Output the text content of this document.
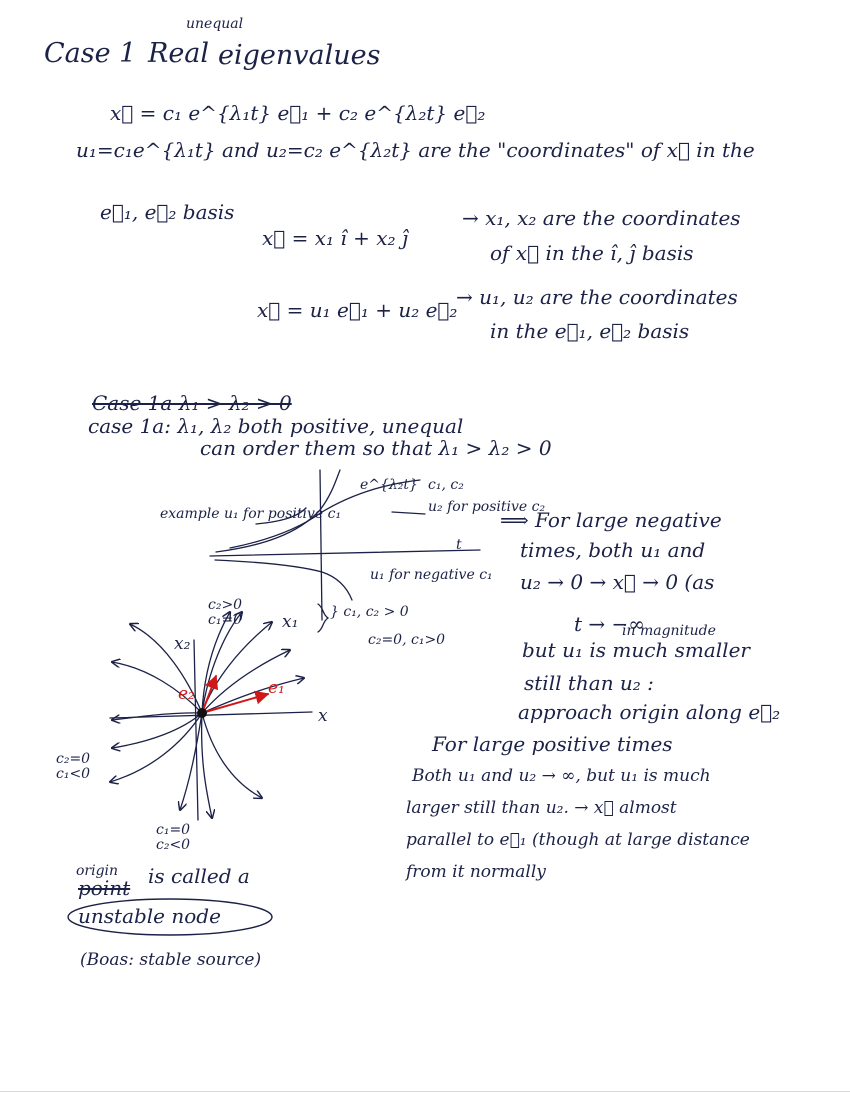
Case 1 Real
unequal
eigenvalues
x⃗ = c₁ e^{λ₁t} e⃗₁ + c₂ e^{λ₂t} e⃗₂
u₁=c₁e^{λ₁t} and u₂=c₂ e^{λ₂t} are the "coordinates" of x⃗ in the
e⃗₁, e⃗₂ basis
x⃗ = x₁ î + x₂ ĵ
→ x₁, x₂ are the coordinates
of x⃗ in the î, ĵ basis
x⃗ = u₁ e⃗₁ + u₂ e⃗₂
→ u₁, u₂ are the coordinates
in the e⃗₁, e⃗₂ basis
Case 1a λ₁ > λ₂ > 0
case 1a: λ₁, λ₂ both positive, unequal
can order them so that λ₁ > λ₂ > 0
example u₁ for positive c₁
e^{λ₂t} c₁, c₂
u₂ for positive c₂
u₁ for negative c₁
t
c₂>0
c₁=0
x₂
x₁
x
} c₁, c₂ > 0
c₂=0, c₁>0
e₁
e₂
c₂=0
c₁<0
c₁=0
c₂<0
⟹ For large negative
times, both u₁ and
u₂ → 0 → x⃗ → 0 (as
t → −∞
in magnitude
but u₁ is much smaller
still than u₂ :
approach origin along e⃗₂
For large positive times
Both u₁ and u₂ → ∞, but u₁ is much
larger still than u₂. → x⃗ almost
parallel to e⃗₁ (though at large distance
from it normally
origin
point is called a
unstable node
(Boas: stable source)
